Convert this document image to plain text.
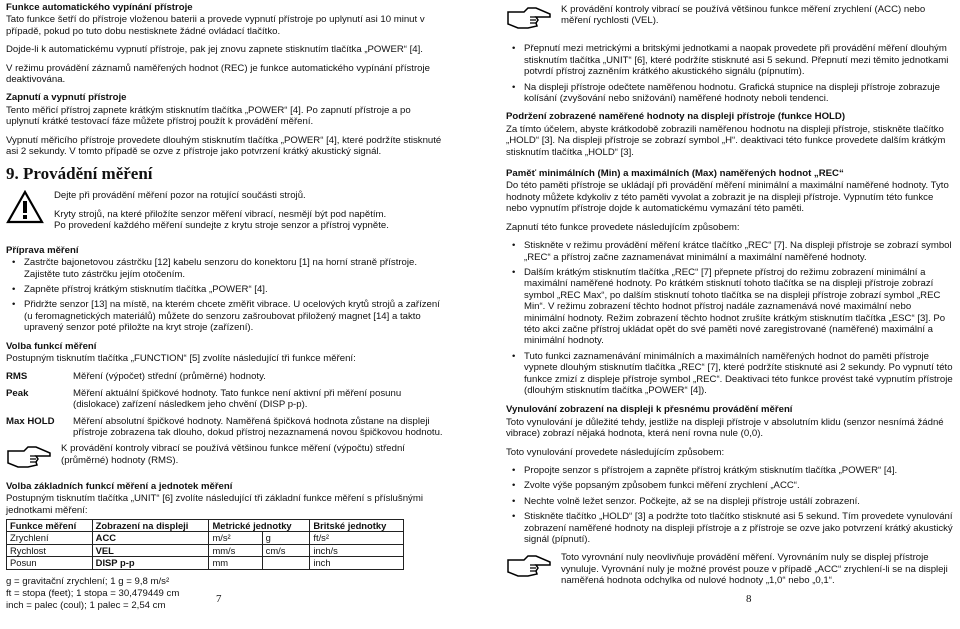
Funkce automatického vypínání přístroje

Tato funkce šetří do přístroje vloženou baterii a provede vypnutí přístroje po uplynutí asi 10 minut v případě, pokud po tuto dobu nestisknete žádné ovládací tlačítko.

Dojde-li k automatickému vypnutí přístroje, pak jej znovu zapnete stisknutím tlačítka „POWER“ [4].

V režimu provádění záznamů naměřených hodnot (REC) je funkce automatického vypínání přístroje deaktivována.

Zapnutí a vypnutí přístroje

Tento měřicí přístroj zapnete krátkým stisknutím tlačítka „POWER“ [4]. Po zapnutí přístroje a po uplynutí krátké testovací fáze můžete přístroj použít k provádění měření.

Vypnutí měřicího přístroje provedete dlouhým stisknutím tlačítka „POWER“ [4], které podržíte stisknuté asi 2 sekundy. V tomto případě se ozve z přístroje jako potvrzení krátký akustický signál.

9. Provádění měření

Dejte při provádění měření pozor na rotující součásti strojů.

Kryty strojů, na které přiložíte senzor měření vibrací, nesmějí být pod napětím.

Po provedení každého měření sundejte z krytu stroje senzor a přístroj vypněte.

Příprava měření

• Zastrčte bajonetovou zástrčku [12] kabelu senzoru do konektoru [1] na horní straně přístroje. Zajistěte tuto zástrčku jejím otočením.
• Zapněte přístroj krátkým stisknutím tlačítka „POWER“ [4].
• Přidržte senzor [13] na místě, na kterém chcete změřit vibrace. U ocelových krytů strojů a zařízení (u feromagnetických materiálů) můžete do senzoru zašroubovat přiložený magnet [14] a takto upravený senzor poté přiložte na kryt stroje (zařízení).

Volba funkcí měření

Postupným tisknutím tlačítka „FUNCTION“ [5] zvolíte následující tři funkce měření:

RMS	Měření (výpočet) střední (průměrné) hodnoty.
Peak	Měření aktuální špičkové hodnoty. Tato funkce není aktivní při měření posunu (dislokace) zařízení následkem jeho chvění (DISP p-p).
Max HOLD	Měření absolutní špičkové hodnoty. Naměřená špičková hodnota zůstane na displeji přístroje zobrazena tak dlouho, dokud přístroj nezaznamená novou špičkovou hodnotu.
K provádění kontroly vibrací se používá většinou funkce měření (výpočtu) střední (průměrné) hodnoty (RMS).

Volba základních funkcí měření a jednotek měření

Postupným tisknutím tlačítka „UNIT“ [6] zvolíte následující tři základní funkce měření s příslušnými jednotkami měření:

Funkce měření	Zobrazení na displeji	Metrické jednotky		Britské jednotky
Zrychlení	ACC	m/s²	g	ft/s²
Rychlost	VEL	mm/s	cm/s	inch/s
Posun	DISP p-p	mm		inch

g = gravitační zrychlení; 1 g = 9,8 m/s²

ft = stopa (feet); 1 stopa = 30,479449 cm

inch = palec (coul); 1 palec = 2,54 cm

7
K provádění kontroly vibrací se používá většinou funkce měření zrychlení (ACC) nebo měření rychlosti (VEL).
• Přepnutí mezi metrickými a britskými jednotkami a naopak provedete při provádění měření dlouhým stisknutím tlačítka „UNIT“ [6], které podržíte stisknuté asi 5 sekund. Přepnutí mezi těmito jednotkami potvrdí přístroj zazněním krátkého akustického signálu (pípnutím).
• Na displeji přístroje odečtete naměřenou hodnotu. Grafická stupnice na displeji přístroje zobrazuje kolísání (zvyšování nebo snižování) naměřené hodnoty neboli tendenci.

Podržení zobrazené naměřené hodnoty na displeji přístroje (funkce HOLD)

Za tímto účelem, abyste krátkodobě zobrazili naměřenou hodnotu na displeji přístroje, stiskněte tlačítko „HOLD“ [3]. Na displeji přístroje se zobrazí symbol „H“. deaktivaci této funkce provedete dalším krátkým stisknutím tlačítka „HOLD“ [3].

Paměť minimálních (Min) a maximálních (Max) naměřených hodnot „REC“

Do této paměti přístroje se ukládají při provádění měření minimální a maximální naměřené hodnoty. Tyto hodnoty můžete kdykoliv z této paměti vyvolat a zobrazit je na displeji přístroje. Vypnutím této funkce nebo vypnutím přístroje dojde k automatickému vymazání této paměti.

Zapnutí této funkce provedete následujícím způsobem:

• Stiskněte v režimu provádění měření krátce tlačítko „REC“ [7]. Na displeji přístroje se zobrazí symbol „REC“ a přístroj začne zaznamenávat minimální a maximální naměřené hodnoty.
• Dalším krátkým stisknutím tlačítka „REC“ [7] přepnete přístroj do režimu zobrazení minimální a maximální naměřené hodnoty. Po krátkém stisknutí tohoto tlačítka se na displeji přístroje zobrazí symbol „REC Max“, po dalším stisknutí tohoto tlačítka se na displeji přístroje zobrazí symbol „REC Min“. V režimu zobrazení těchto hodnot přístroj nadále zaznamenává nové maximální nebo minimální hodnoty. Režim zobrazení těchto hodnot zrušíte krátkým stisknutím tlačítka „ESC“ [3]. Po této akci začne přístroj ukládat opět do své paměti nové zaregistrované (naměřené) maximální a minimální hodnoty.
• Tuto funkci zaznamenávání minimálních a maximálních naměřených hodnot do paměti přístroje vypnete dlouhým stisknutím tlačítka „REC“ [7], které podržíte stisknuté asi 2 sekundy. Po vypnutí této funkce zmizí z displeje přístroje symbol „REC“. Deaktivaci této funkce provést také vypnutím přístroje (dlouhým stisknutím tlačítka „POWER“ [4]).

Vynulování zobrazení na displeji k přesnému provádění měření

Toto vynulování je důležité tehdy, jestliže na displeji přístroje v absolutním klidu (senzor nesnímá žádné vibrace) zobrazí nějaká hodnota, která není rovna nule (0,0).

Toto vynulování provedete následujícím způsobem:

• Propojte senzor s přístrojem a zapněte přístroj krátkým stisknutím tlačítka „POWER“ [4].
• Zvolte výše popsaným způsobem funkci měření zrychlení „ACC“.
• Nechte volně ležet senzor. Počkejte, až se na displeji přístroje ustálí zobrazení.
• Stiskněte tlačítko „HOLD“ [3] a podržte toto tlačítko stisknuté asi 5 sekund. Tím provedete vynulování zobrazení naměřené hodnoty na displeji přístroje a z přístroje se ozve jako potvrzení krátký akustický signál (pípnutí).
Toto vyrovnání nuly neovlivňuje provádění měření. Vyrovnáním nuly se displej přístroje vynuluje. Vyrovnání nuly je možné provést pouze v případě „ACC“ zrychlení-li se na displeji naměřená hodnota odchylka od nulové hodnoty „1,0“ nebo „0,1“.
8
